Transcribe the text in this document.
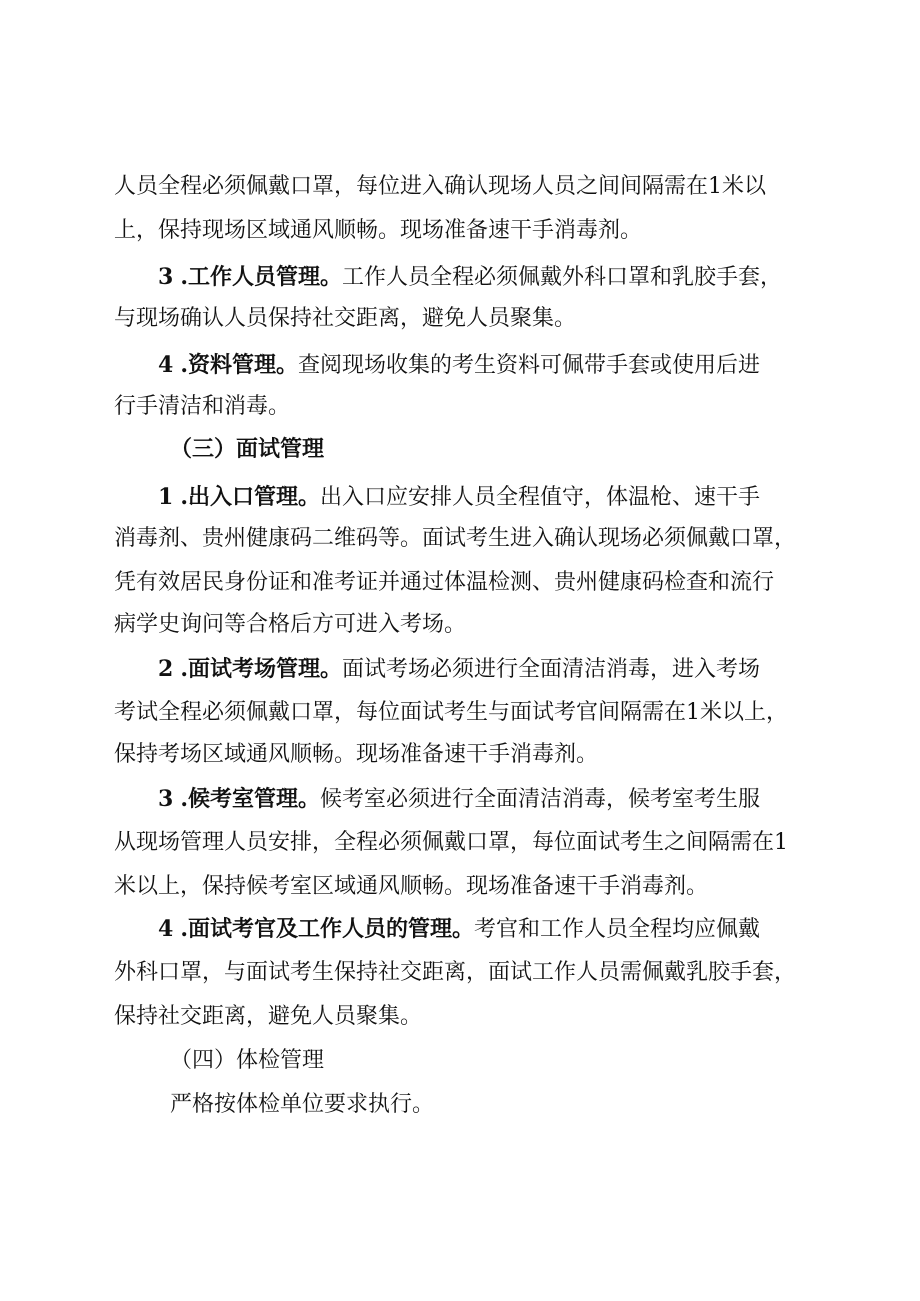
人员全程必须佩戴口罩，每位进入确认现场人员之间间隔需在1米以
上，保持现场区域通风顺畅。现场准备速干手消毒剂。
3 .工作人员管理。工作人员全程必须佩戴外科口罩和乳胶手套，
与现场确认人员保持社交距离，避免人员聚集。
4 .资料管理。查阅现场收集的考生资料可佩带手套或使用后进
行手清洁和消毒。
（三）面试管理
1 .出入口管理。出入口应安排人员全程值守，体温枪、速干手
消毒剂、贵州健康码二维码等。面试考生进入确认现场必须佩戴口罩，
凭有效居民身份证和准考证并通过体温检测、贵州健康码检查和流行
病学史询问等合格后方可进入考场。
2 .面试考场管理。面试考场必须进行全面清洁消毒，进入考场
考试全程必须佩戴口罩，每位面试考生与面试考官间隔需在1米以上，
保持考场区域通风顺畅。现场准备速干手消毒剂。
3 .候考室管理。候考室必须进行全面清洁消毒，候考室考生服
从现场管理人员安排，全程必须佩戴口罩，每位面试考生之间隔需在1
米以上，保持候考室区域通风顺畅。现场准备速干手消毒剂。
4 .面试考官及工作人员的管理。考官和工作人员全程均应佩戴
外科口罩，与面试考生保持社交距离，面试工作人员需佩戴乳胶手套，
保持社交距离，避免人员聚集。
（四）体检管理
严格按体检单位要求执行。
